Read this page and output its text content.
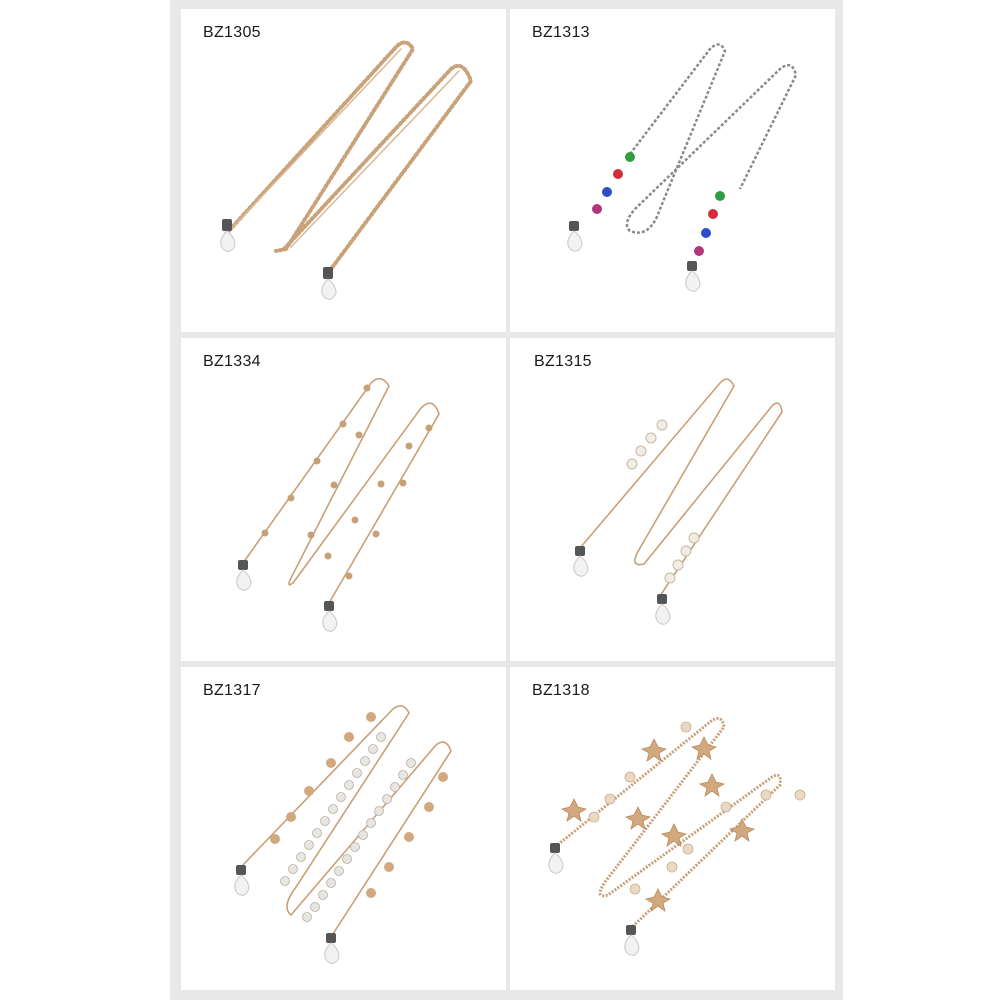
BZ1305	BZ1313
BZ1334	BZ1315
BZ1317	BZ1318
